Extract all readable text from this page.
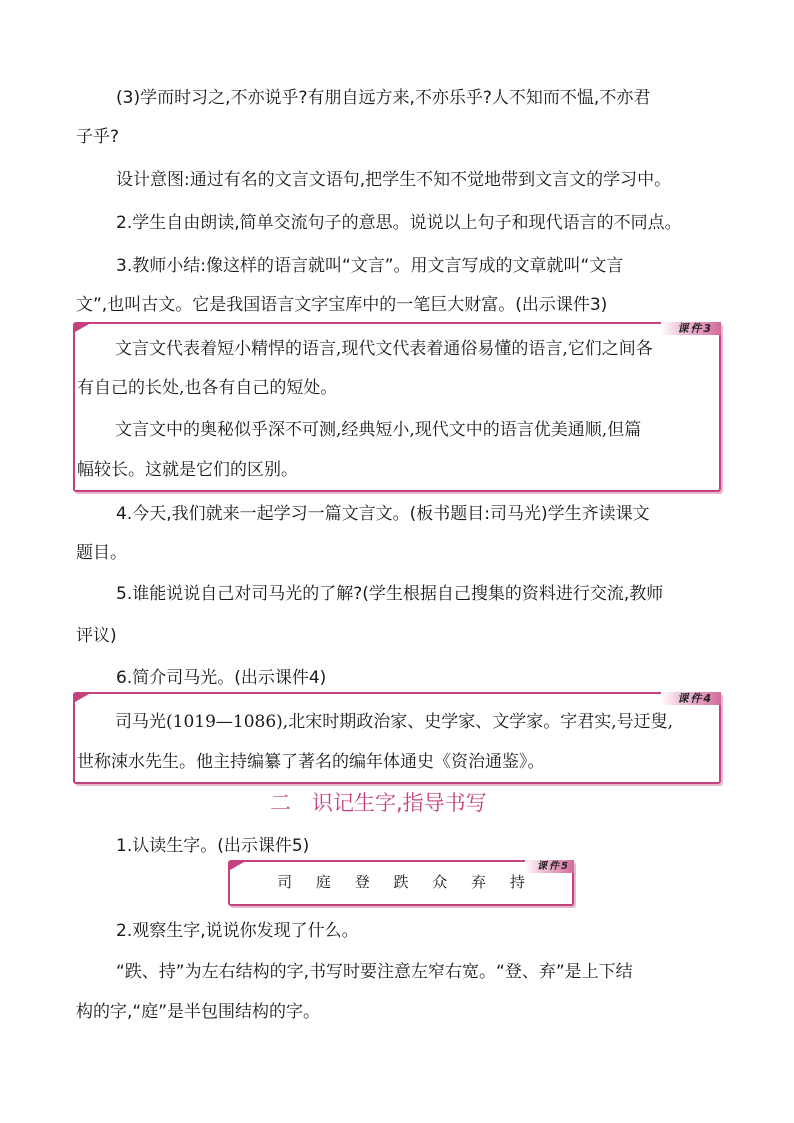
(3)学而时习之,不亦说乎?有朋自远方来,不亦乐乎?人不知而不愠,不亦君
子乎?
设计意图:通过有名的文言文语句,把学生不知不觉地带到文言文的学习中。
2.学生自由朗读,简单交流句子的意思。说说以上句子和现代语言的不同点。
3.教师小结:像这样的语言就叫“文言”。用文言写成的文章就叫“文言
文”,也叫古文。它是我国语言文字宝库中的一笔巨大财富。(出示课件3)
课件3
文言文代表着短小精悍的语言,现代文代表着通俗易懂的语言,它们之间各
有自己的长处,也各有自己的短处。
文言文中的奥秘似乎深不可测,经典短小,现代文中的语言优美通顺,但篇
幅较长。这就是它们的区别。
4.今天,我们就来一起学习一篇文言文。(板书题目:司马光)学生齐读课文
题目。
5.谁能说说自己对司马光的了解?(学生根据自己搜集的资料进行交流,教师
评议)
6.简介司马光。(出示课件4)
课件4
司马光(1019—1086),北宋时期政治家、史学家、文学家。字君实,号迂叟,
世称涑水先生。他主持编纂了著名的编年体通史《资治通鉴》。
二　识记生字,指导书写
1.认读生字。(出示课件5)
课件5
司 庭 登 跌 众 弃 持
2.观察生字,说说你发现了什么。
“跌、持”为左右结构的字,书写时要注意左窄右宽。“登、弃”是上下结
构的字,“庭”是半包围结构的字。
